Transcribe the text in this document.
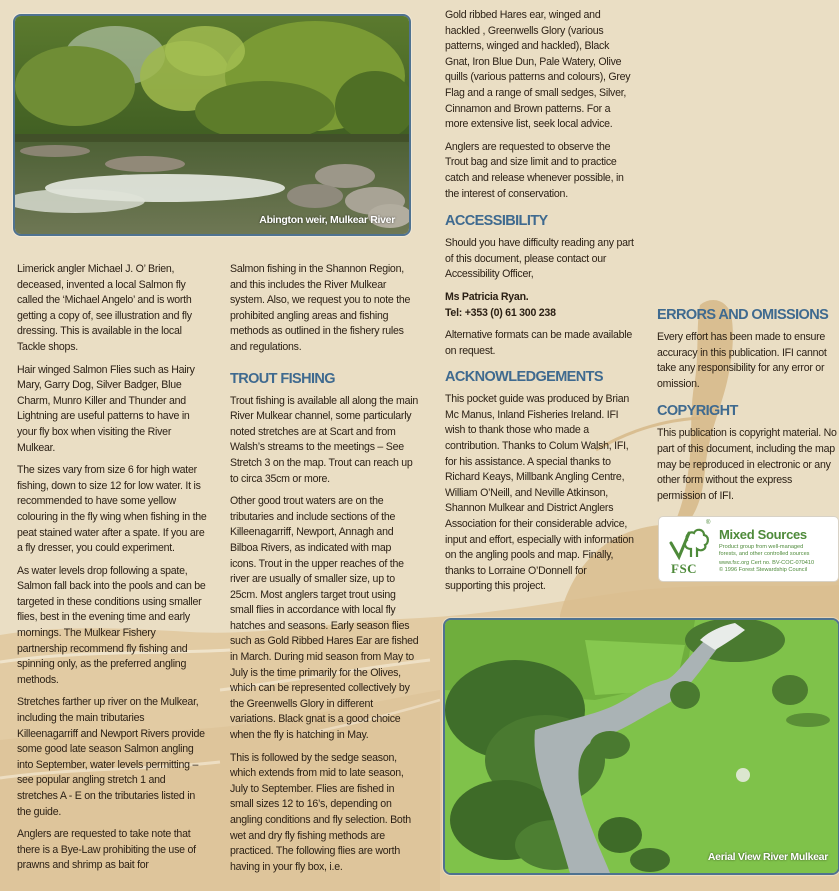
Abington weir, Mulkear River

Limerick angler Michael J. O’ Brien, deceased, invented a local Salmon fly called the ‘Michael Angelo’ and is worth getting a copy of, see illustration and fly dressing. This is available in the local Tackle shops.

Hair winged Salmon Flies such as Hairy Mary, Garry Dog, Silver Badger, Blue Charm, Munro Killer and Thunder and Lightning are useful patterns to have in your fly box when visiting the River Mulkear.

The sizes vary from size 6 for high water fishing, down to size 12 for low water. It is recommended to have some yellow colouring in the fly wing when fishing in the peat stained water after a spate. If you are a fly dresser, you could experiment.

As water levels drop following a spate, Salmon fall back into the pools and can be targeted in these conditions using smaller flies, best in the evening time and early mornings. The Mulkear Fishery partnership recommend fly fishing and spinning only, as the preferred angling methods.

Stretches farther up river on the Mulkear, including the main tributaries Killeenagarriff and Newport Rivers provide some good late season Salmon angling into September, water levels permitting – see popular angling stretch 1 and stretches A - E on the tributaries listed in the guide.

Anglers are requested to take note that there is a Bye-Law prohibiting the use of prawns and shrimp as bait for

Salmon fishing in the Shannon Region, and this includes the River Mulkear system. Also, we request you to note the prohibited angling areas and fishing methods as outlined in the fishery rules and regulations.

TROUT FISHING

Trout fishing is available all along the main River Mulkear channel, some particularly noted stretches are at Scart and from Walsh’s streams to the meetings – See Stretch 3 on the map. Trout can reach up to circa 35cm or more.

Other good trout waters are on the tributaries and include sections of the Killeenagarriff, Newport, Annagh and Bilboa Rivers, as indicated with map icons. Trout in the upper reaches of the river are usually of smaller size, up to 25cm. Most anglers target trout using small flies in accordance with local fly hatches and seasons. Early season flies such as Gold Ribbed Hares Ear are fished in March. During mid season from May to July is the time primarily for the Olives, which can be represented collectively by the Greenwells Glory in different variations. Black gnat is a good choice when the fly is hatching in May.

This is followed by the sedge season, which extends from mid to late season, July to September. Flies are fished in small sizes 12 to 16’s, depending on angling conditions and fly selection. Both wet and dry fly fishing methods are practiced. The following flies are worth having in your fly box, i.e.

Gold ribbed Hares ear, winged and hackled , Greenwells Glory (various patterns, winged and hackled), Black Gnat, Iron Blue Dun, Pale Watery, Olive quills (various patterns and colours), Grey Flag and a range of small sedges, Silver, Cinnamon and Brown patterns. For a more extensive list, seek local advice.

Anglers are requested to observe the Trout bag and size limit and to practice catch and release whenever possible, in the interest of conservation.

ACCESSIBILITY

Should you have difficulty reading any part of this document, please contact our Accessibility Officer,

Ms Patricia Ryan.
Tel: +353 (0) 61 300 238

Alternative formats can be made available on request.

ACKNOWLEDGEMENTS

This pocket guide was produced by Brian Mc Manus, Inland Fisheries Ireland. IFI wish to thank those who made a contribution. Thanks to Colum Walsh, IFI, for his assistance. A special thanks to Richard Keays, Millbank Angling Centre, William O’Neill, and Neville Atkinson, Shannon Mulkear and District Anglers Association for their considerable advice, input and effort, especially with information on the angling pools and map. Finally, thanks to Lorraine O’Donnell for supporting this project.

ERRORS AND OMISSIONS

Every effort has been made to ensure accuracy in this publication. IFI cannot take any responsibility for any error or omission.

COPYRIGHT

This publication is copyright material. No part of this document, including the map may be reproduced in electronic or any other form without the express permission of IFI.

®
FSC
Mixed Sources
Product group from well-managed
forests, and other controlled sources
www.fsc.org Cert no. BV-COC-070410
© 1996 Forest Stewardship Council
Aerial View River Mulkear
